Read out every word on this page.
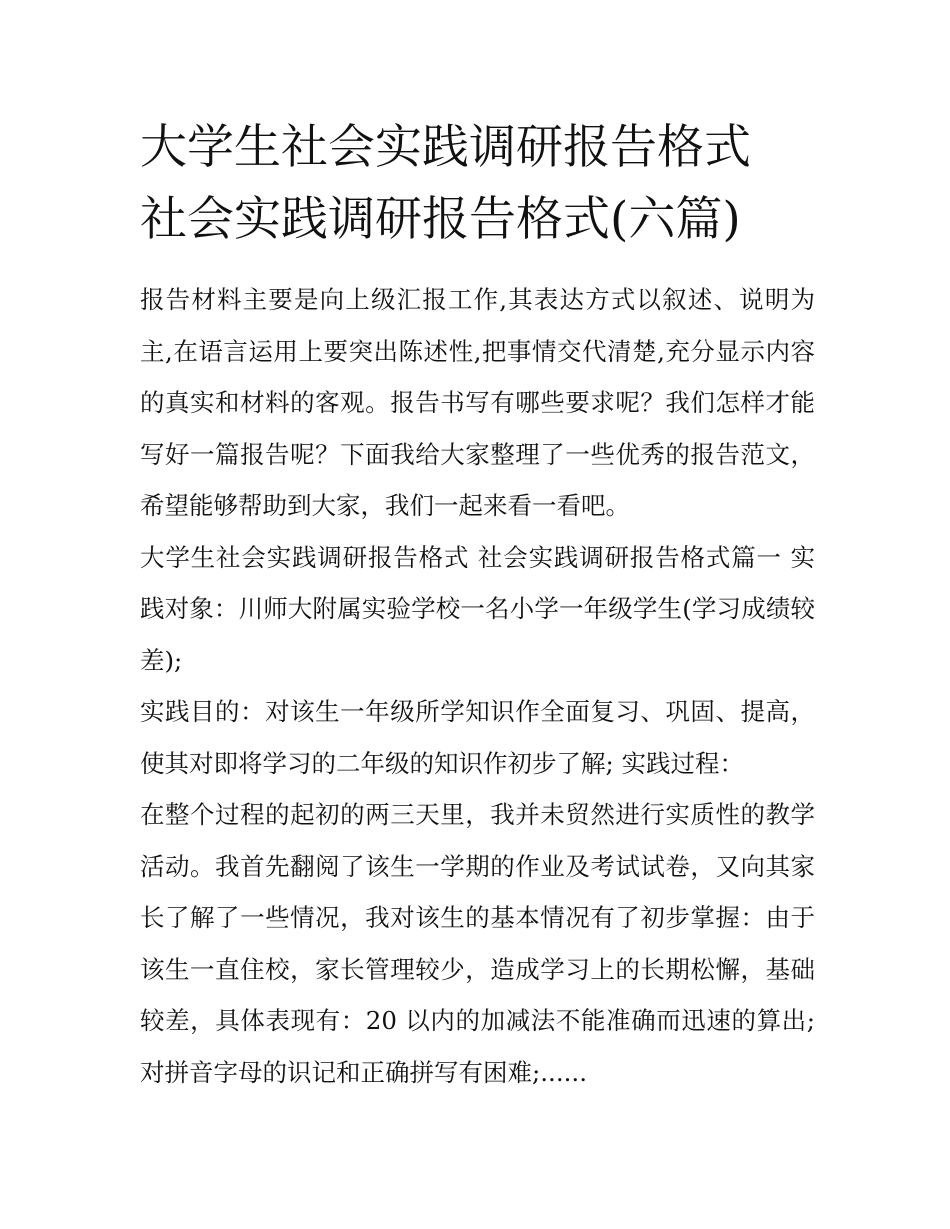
大学生社会实践调研报告格式
社会实践调研报告格式(六篇)

报告材料主要是向上级汇报工作,其表达方式以叙述、说明为主,在语言运用上要突出陈述性,把事情交代清楚,充分显示内容的真实和材料的客观。报告书写有哪些要求呢？我们怎样才能写好一篇报告呢？下面我给大家整理了一些优秀的报告范文，希望能够帮助到大家，我们一起来看一看吧。

大学生社会实践调研报告格式 社会实践调研报告格式篇一 实践对象：川师大附属实验学校一名小学一年级学生(学习成绩较差);

实践目的：对该生一年级所学知识作全面复习、巩固、提高，使其对即将学习的二年级的知识作初步了解; 实践过程：

在整个过程的起初的两三天里，我并未贸然进行实质性的教学活动。我首先翻阅了该生一学期的作业及考试试卷，又向其家长了解了一些情况，我对该生的基本情况有了初步掌握：由于该生一直住校，家长管理较少，造成学习上的长期松懈，基础较差，具体表现有：20 以内的加减法不能准确而迅速的算出; 对拼音字母的识记和正确拼写有困难;......
